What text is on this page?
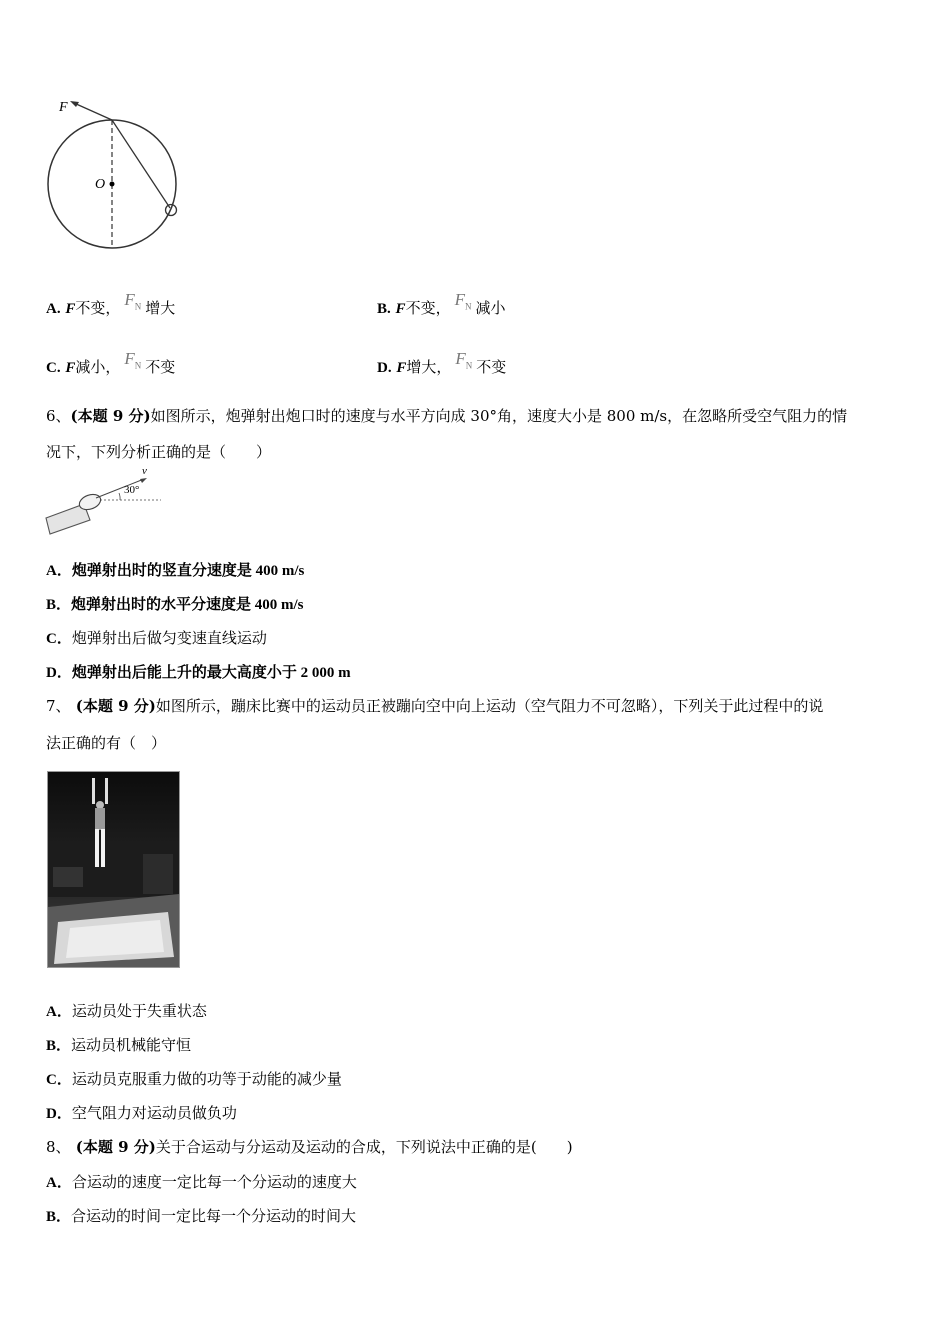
F
O
A. F不变， $F_N$ 增大	B. F不变， $F_N$ 减小
C. F减小， $F_N$ 不变	D. F增大， $F_N$ 不变
6、(本题 9 分)如图所示，炮弹射出炮口时的速度与水平方向成 30°角，速度大小是 800 m/s，在忽略所受空气阻力的情
况下，下列分析正确的是（　　）
v
30°
A．炮弹射出时的竖直分速度是 400 m/s
B．炮弹射出时的水平分速度是 400 m/s
C．炮弹射出后做匀变速直线运动
D．炮弹射出后能上升的最大高度小于 2 000 m
7、 (本题 9 分)如图所示，蹦床比赛中的运动员正被蹦向空中向上运动（空气阻力不可忽略），下列关于此过程中的说
法正确的有（　）
A．运动员处于失重状态
B．运动员机械能守恒
C．运动员克服重力做的功等于动能的减少量
D．空气阻力对运动员做负功
8、 (本题 9 分)关于合运动与分运动及运动的合成，下列说法中正确的是(　　)
A．合运动的速度一定比每一个分运动的速度大
B．合运动的时间一定比每一个分运动的时间大
